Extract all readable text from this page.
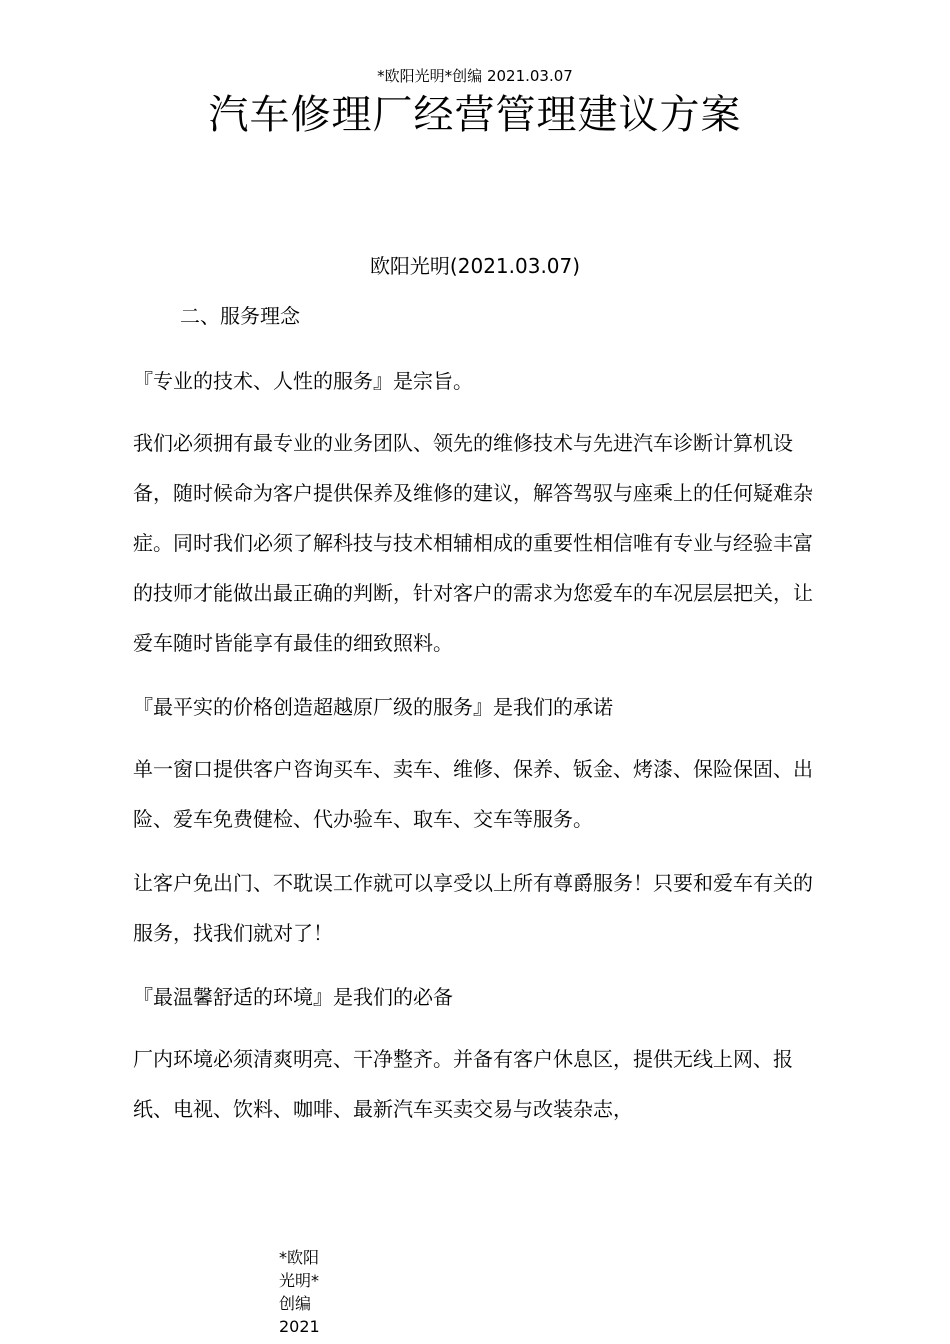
*欧阳光明*创编 2021.03.07
汽车修理厂经营管理建议方案
欧阳光明(2021.03.07)
二、服务理念

『专业的技术、人性的服务』是宗旨。

我们必须拥有最专业的业务团队、领先的维修技术与先进汽车诊断计算机设备，随时候命为客户提供保养及维修的建议，解答驾驭与座乘上的任何疑难杂症。同时我们必须了解科技与技术相辅相成的重要性相信唯有专业与经验丰富的技师才能做出最正确的判断，针对客户的需求为您爱车的车况层层把关，让爱车随时皆能享有最佳的细致照料。

『最平实的价格创造超越原厂级的服务』是我们的承诺

单一窗口提供客户咨询买车、卖车、维修、保养、钣金、烤漆、保险保固、出险、爱车免费健检、代办验车、取车、交车等服务。

让客户免出门、不耽误工作就可以享受以上所有尊爵服务！只要和爱车有关的服务，找我们就对了！

『最温馨舒适的环境』是我们的必备

厂内环境必须清爽明亮、干净整齐。并备有客户休息区，提供无线上网、报纸、电视、饮料、咖啡、最新汽车买卖交易与改装杂志，

*欧阳光明*创编 2021
